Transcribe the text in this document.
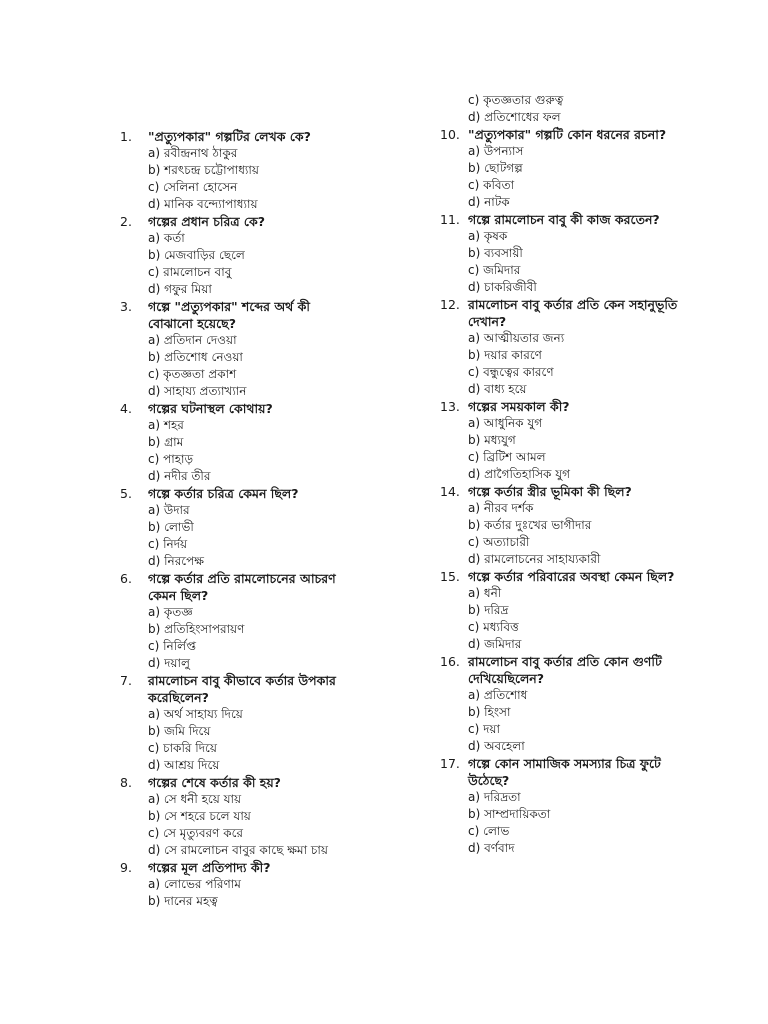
1.	"প্রত্যুপকার" গল্পটির লেখক কে?
a) রবীন্দ্রনাথ ঠাকুর
b) শরৎচন্দ্র চট্টোপাধ্যায়
c) সেলিনা হোসেন
d) মানিক বন্দ্যোপাধ্যায়
2.	গল্পের প্রধান চরিত্র কে?
a) কর্তা
b) মেজবাড়ির ছেলে
c) রামলোচন বাবু
d) গফুর মিয়া
3.	গল্পে "প্রত্যুপকার" শব্দের অর্থ কী বোঝানো হয়েছে?
a) প্রতিদান দেওয়া
b) প্রতিশোধ নেওয়া
c) কৃতজ্ঞতা প্রকাশ
d) সাহায্য প্রত্যাখ্যান
4.	গল্পের ঘটনাস্থল কোথায়?
a) শহর
b) গ্রাম
c) পাহাড়
d) নদীর তীর
5.	গল্পে কর্তার চরিত্র কেমন ছিল?
a) উদার
b) লোভী
c) নির্দয়
d) নিরপেক্ষ
6.	গল্পে কর্তার প্রতি রামলোচনের আচরণ কেমন ছিল?
a) কৃতজ্ঞ
b) প্রতিহিংসাপরায়ণ
c) নির্লিপ্ত
d) দয়ালু
7.	রামলোচন বাবু কীভাবে কর্তার উপকার করেছিলেন?
a) অর্থ সাহায্য দিয়ে
b) জমি দিয়ে
c) চাকরি দিয়ে
d) আশ্রয় দিয়ে
8.	গল্পের শেষে কর্তার কী হয়?
a) সে ধনী হয়ে যায়
b) সে শহরে চলে যায়
c) সে মৃত্যুবরণ করে
d) সে রামলোচন বাবুর কাছে ক্ষমা চায়
9.	গল্পের মূল প্রতিপাদ্য কী?
a) লোভের পরিণাম
b) দানের মহত্ব
c) কৃতজ্ঞতার গুরুত্ব
d) প্রতিশোধের ফল
10. "প্রত্যুপকার" গল্পটি কোন ধরনের রচনা?
a) উপন্যাস
b) ছোটগল্প
c) কবিতা
d) নাটক
11. গল্পে রামলোচন বাবু কী কাজ করতেন?
a) কৃষক
b) ব্যবসায়ী
c) জমিদার
d) চাকরিজীবী
12. রামলোচন বাবু কর্তার প্রতি কেন সহানুভূতি দেখান?
a) আত্মীয়তার জন্য
b) দয়ার কারণে
c) বন্ধুত্বের কারণে
d) বাধ্য হয়ে
13. গল্পের সময়কাল কী?
a) আধুনিক যুগ
b) মধ্যযুগ
c) ব্রিটিশ আমল
d) প্রাগৈতিহাসিক যুগ
14. গল্পে কর্তার স্ত্রীর ভূমিকা কী ছিল?
a) নীরব দর্শক
b) কর্তার দুঃখের ভাগীদার
c) অত্যাচারী
d) রামলোচনের সাহায্যকারী
15. গল্পে কর্তার পরিবারের অবস্থা কেমন ছিল?
a) ধনী
b) দরিদ্র
c) মধ্যবিত্ত
d) জমিদার
16. রামলোচন বাবু কর্তার প্রতি কোন গুণটি দেখিয়েছিলেন?
a) প্রতিশোধ
b) হিংসা
c) দয়া
d) অবহেলা
17. গল্পে কোন সামাজিক সমস্যার চিত্র ফুটে উঠেছে?
a) দরিদ্রতা
b) সাম্প্রদায়িকতা
c) লোভ
d) বর্ণবাদ
